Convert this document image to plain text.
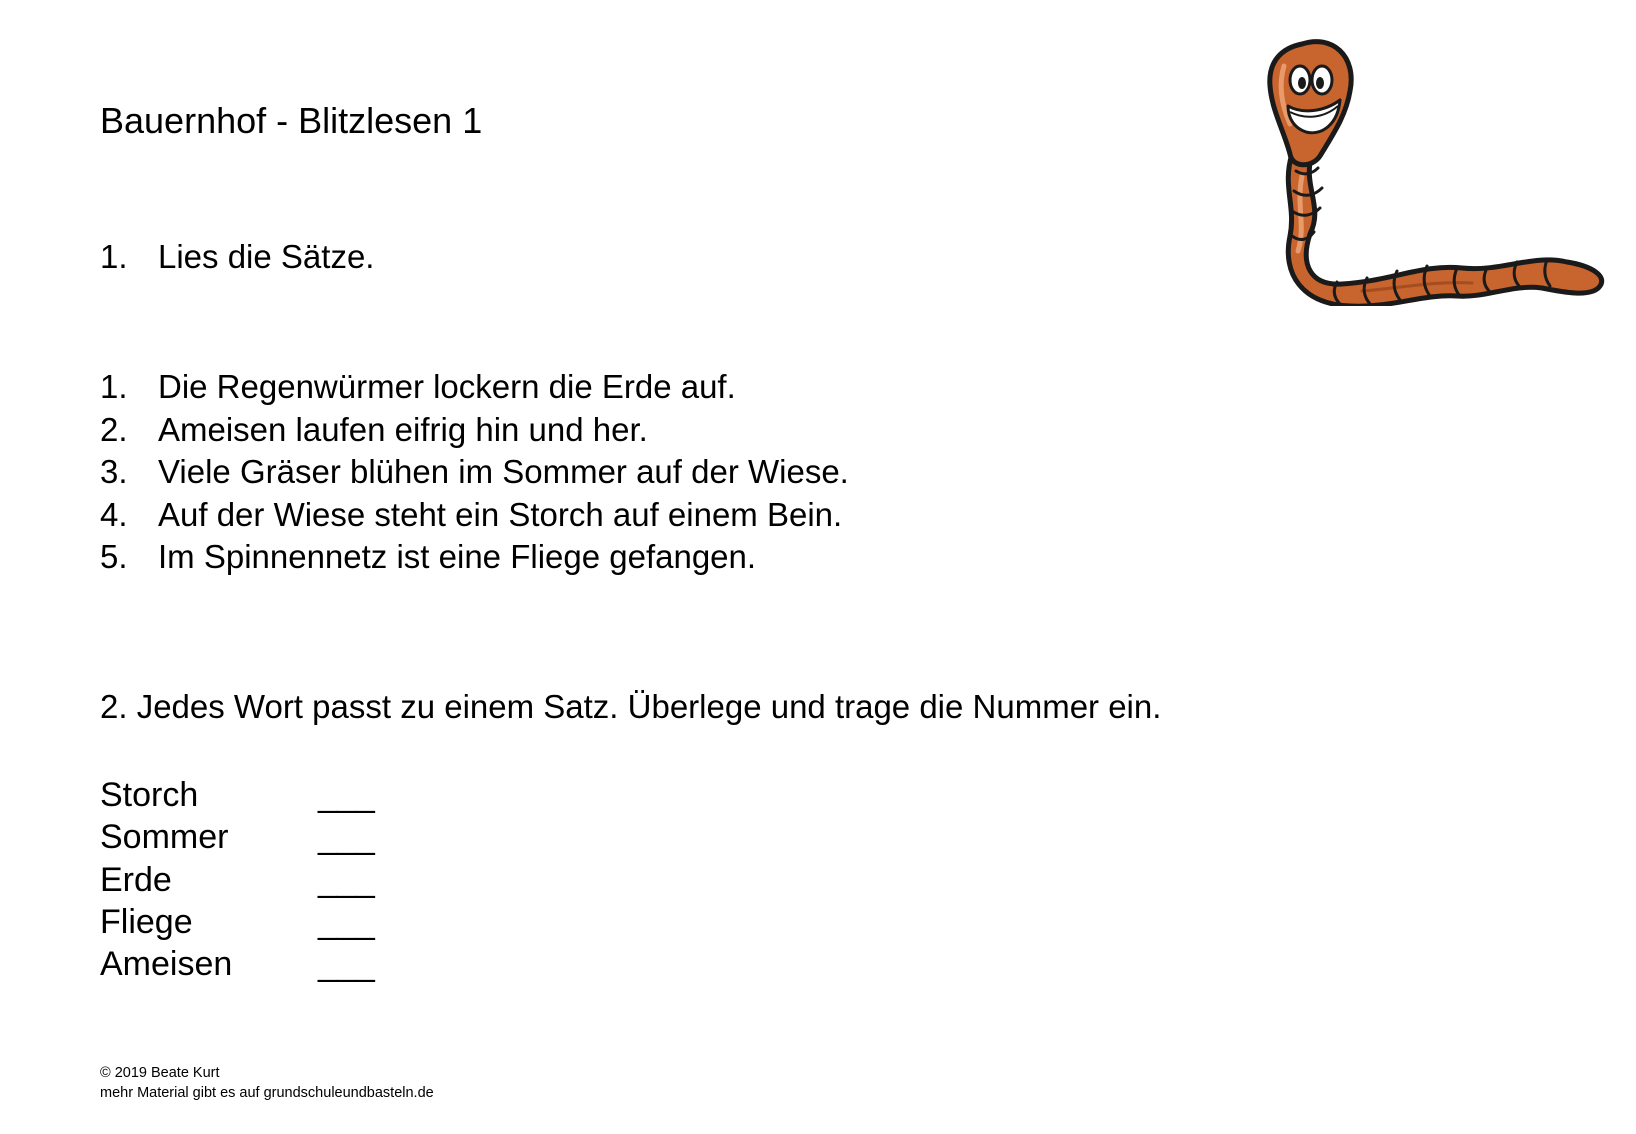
Bauernhof - Blitzlesen 1
1. Lies die Sätze.
1. Die Regenwürmer lockern die Erde auf.
2. Ameisen laufen eifrig hin und her.
3. Viele Gräser blühen im Sommer auf der Wiese.
4. Auf der Wiese steht ein Storch auf einem Bein.
5. Im Spinnennetz ist eine Fliege gefangen.
2. Jedes Wort passt zu einem Satz. Überlege und trage die Nummer ein.
Storch	___
Sommer	___
Erde	___
Fliege	___
Ameisen	___
© 2019 Beate Kurt
mehr Material gibt es auf grundschuleundbasteln.de
